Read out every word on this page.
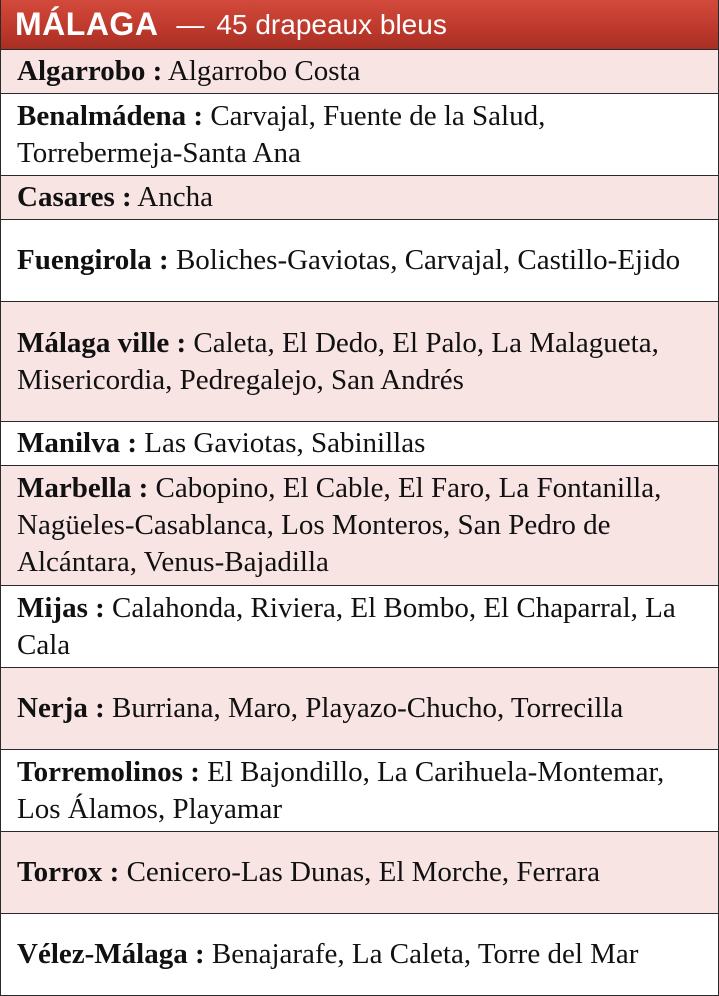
MÁLAGA — 45 drapeaux bleus
Algarrobo : Algarrobo Costa
Benalmádena : Carvajal, Fuente de la Salud, Torrebermeja-Santa Ana
Casares : Ancha
Fuengirola : Boliches-Gaviotas, Carvajal, Castillo-Ejido
Málaga ville : Caleta, El Dedo, El Palo, La Malagueta, Misericordia, Pedregalejo, San Andrés
Manilva : Las Gaviotas, Sabinillas
Marbella : Cabopino, El Cable, El Faro, La Fontanilla, Nagüeles-Casablanca, Los Monteros, San Pedro de Alcántara, Venus-Bajadilla
Mijas : Calahonda, Riviera, El Bombo, El Chaparral, La Cala
Nerja : Burriana, Maro, Playazo-Chucho, Torrecilla
Torremolinos : El Bajondillo, La Carihuela-Montemar, Los Álamos, Playamar
Torrox : Cenicero-Las Dunas, El Morche, Ferrara
Vélez-Málaga : Benajarafe, La Caleta, Torre del Mar
